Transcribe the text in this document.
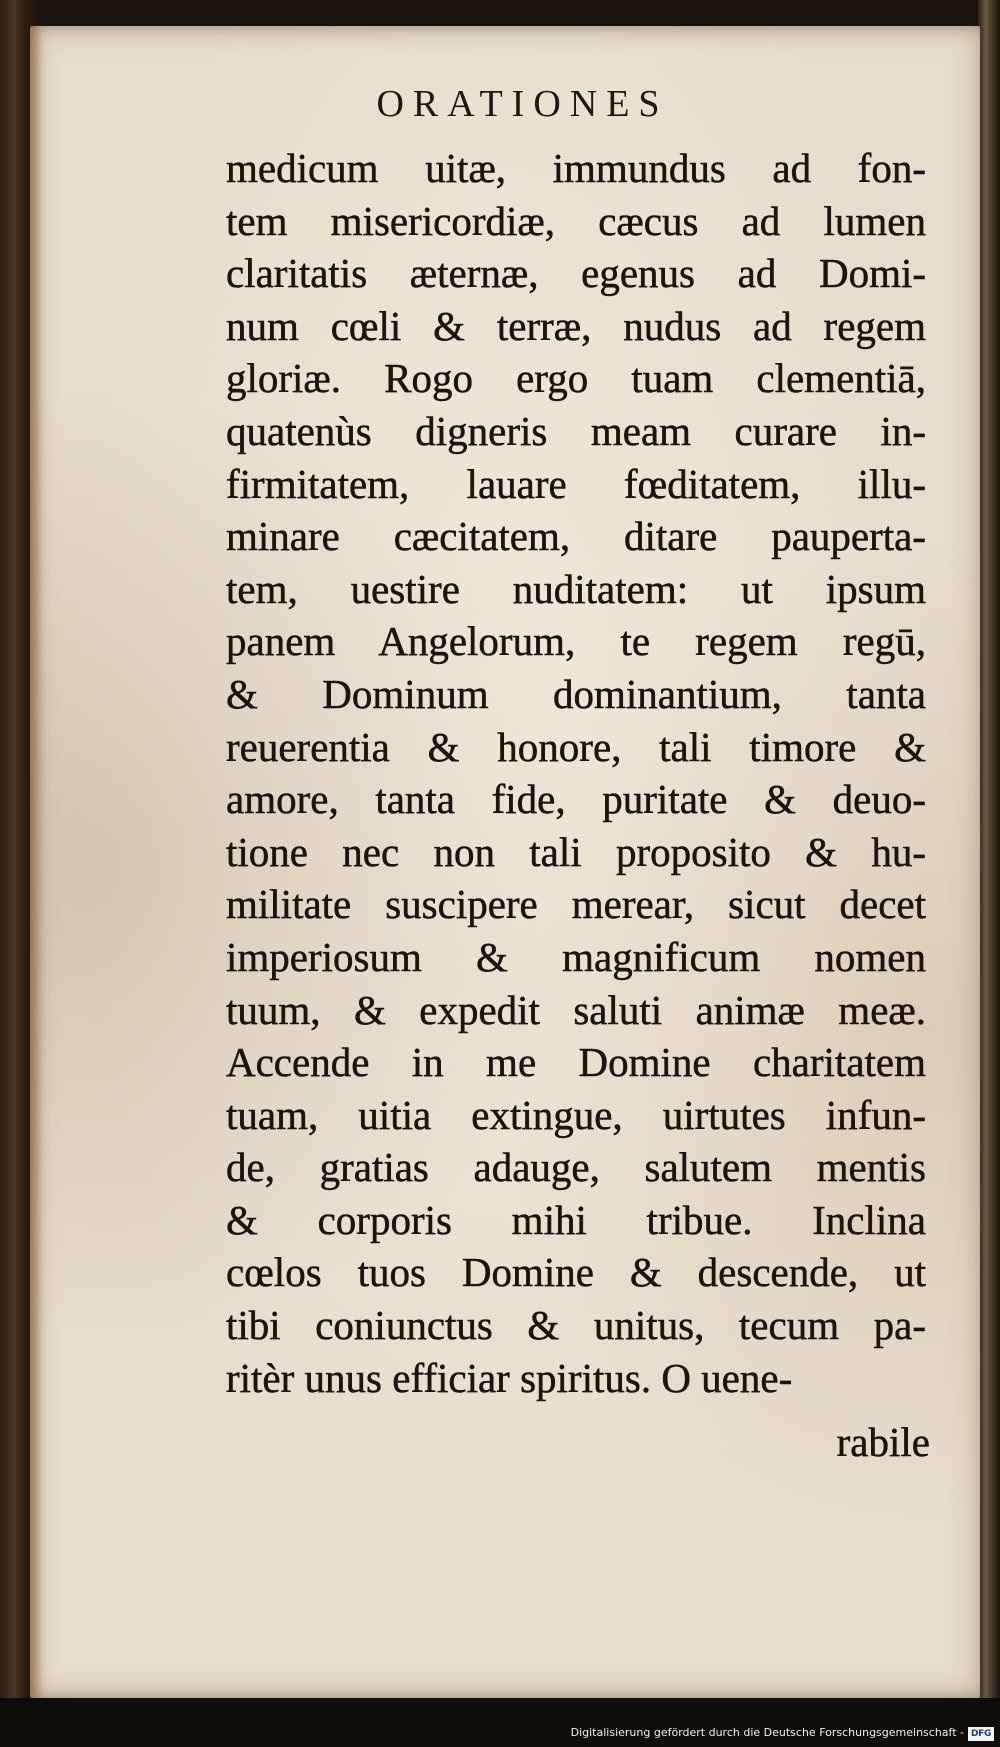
ORATIONES
medicum uitæ, immundus ad fon-
tem misericordiæ, cæcus ad lumen
claritatis æternæ, egenus ad Domi-
num cœli & terræ, nudus ad regem
gloriæ. Rogo ergo tuam clementiā,
quatenùs digneris meam curare in-
firmitatem, lauare fœditatem, illu-
minare cæcitatem, ditare pauperta-
tem, uestire nuditatem: ut ipsum
panem Angelorum, te regem regū,
& Dominum dominantium, tanta
reuerentia & honore, tali timore &
amore, tanta fide, puritate & deuo-
tione nec non tali proposito & hu-
militate suscipere merear, sicut decet
imperiosum & magnificum nomen
tuum, & expedit saluti animæ meæ.
Accende in me Domine charitatem
tuam, uitia extingue, uirtutes infun-
de, gratias adauge, salutem mentis
& corporis mihi tribue. Inclina
cœlos tuos Domine & descende, ut
tibi coniunctus & unitus, tecum pa-
ritèr unus efficiar spiritus. O uene-
rabile
Digitalisierung gefördert durch die Deutsche Forschungsgemeinschaft - DFG
